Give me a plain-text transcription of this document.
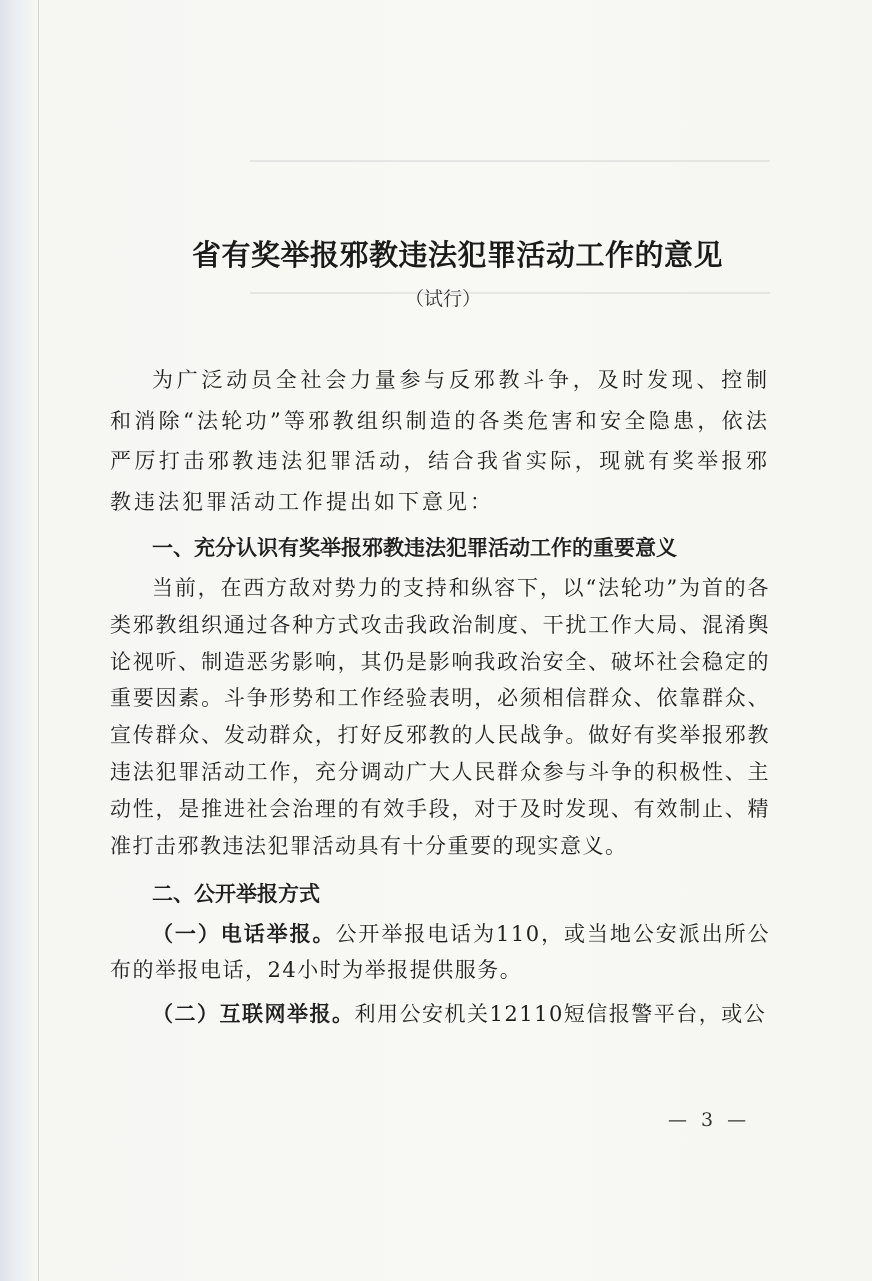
省有奖举报邪教违法犯罪活动工作的意见
（试行）

为广泛动员全社会力量参与反邪教斗争，及时发现、控制和消除“法轮功”等邪教组织制造的各类危害和安全隐患，依法严厉打击邪教违法犯罪活动，结合我省实际，现就有奖举报邪教违法犯罪活动工作提出如下意见：

一、充分认识有奖举报邪教违法犯罪活动工作的重要意义

当前，在西方敌对势力的支持和纵容下，以“法轮功”为首的各类邪教组织通过各种方式攻击我政治制度、干扰工作大局、混淆舆论视听、制造恶劣影响，其仍是影响我政治安全、破坏社会稳定的重要因素。斗争形势和工作经验表明，必须相信群众、依靠群众、宣传群众、发动群众，打好反邪教的人民战争。做好有奖举报邪教违法犯罪活动工作，充分调动广大人民群众参与斗争的积极性、主动性，是推进社会治理的有效手段，对于及时发现、有效制止、精准打击邪教违法犯罪活动具有十分重要的现实意义。

二、公开举报方式

（一）电话举报。公开举报电话为110，或当地公安派出所公布的举报电话，24小时为举报提供服务。

（二）互联网举报。利用公安机关12110短信报警平台，或公

— 3 —
